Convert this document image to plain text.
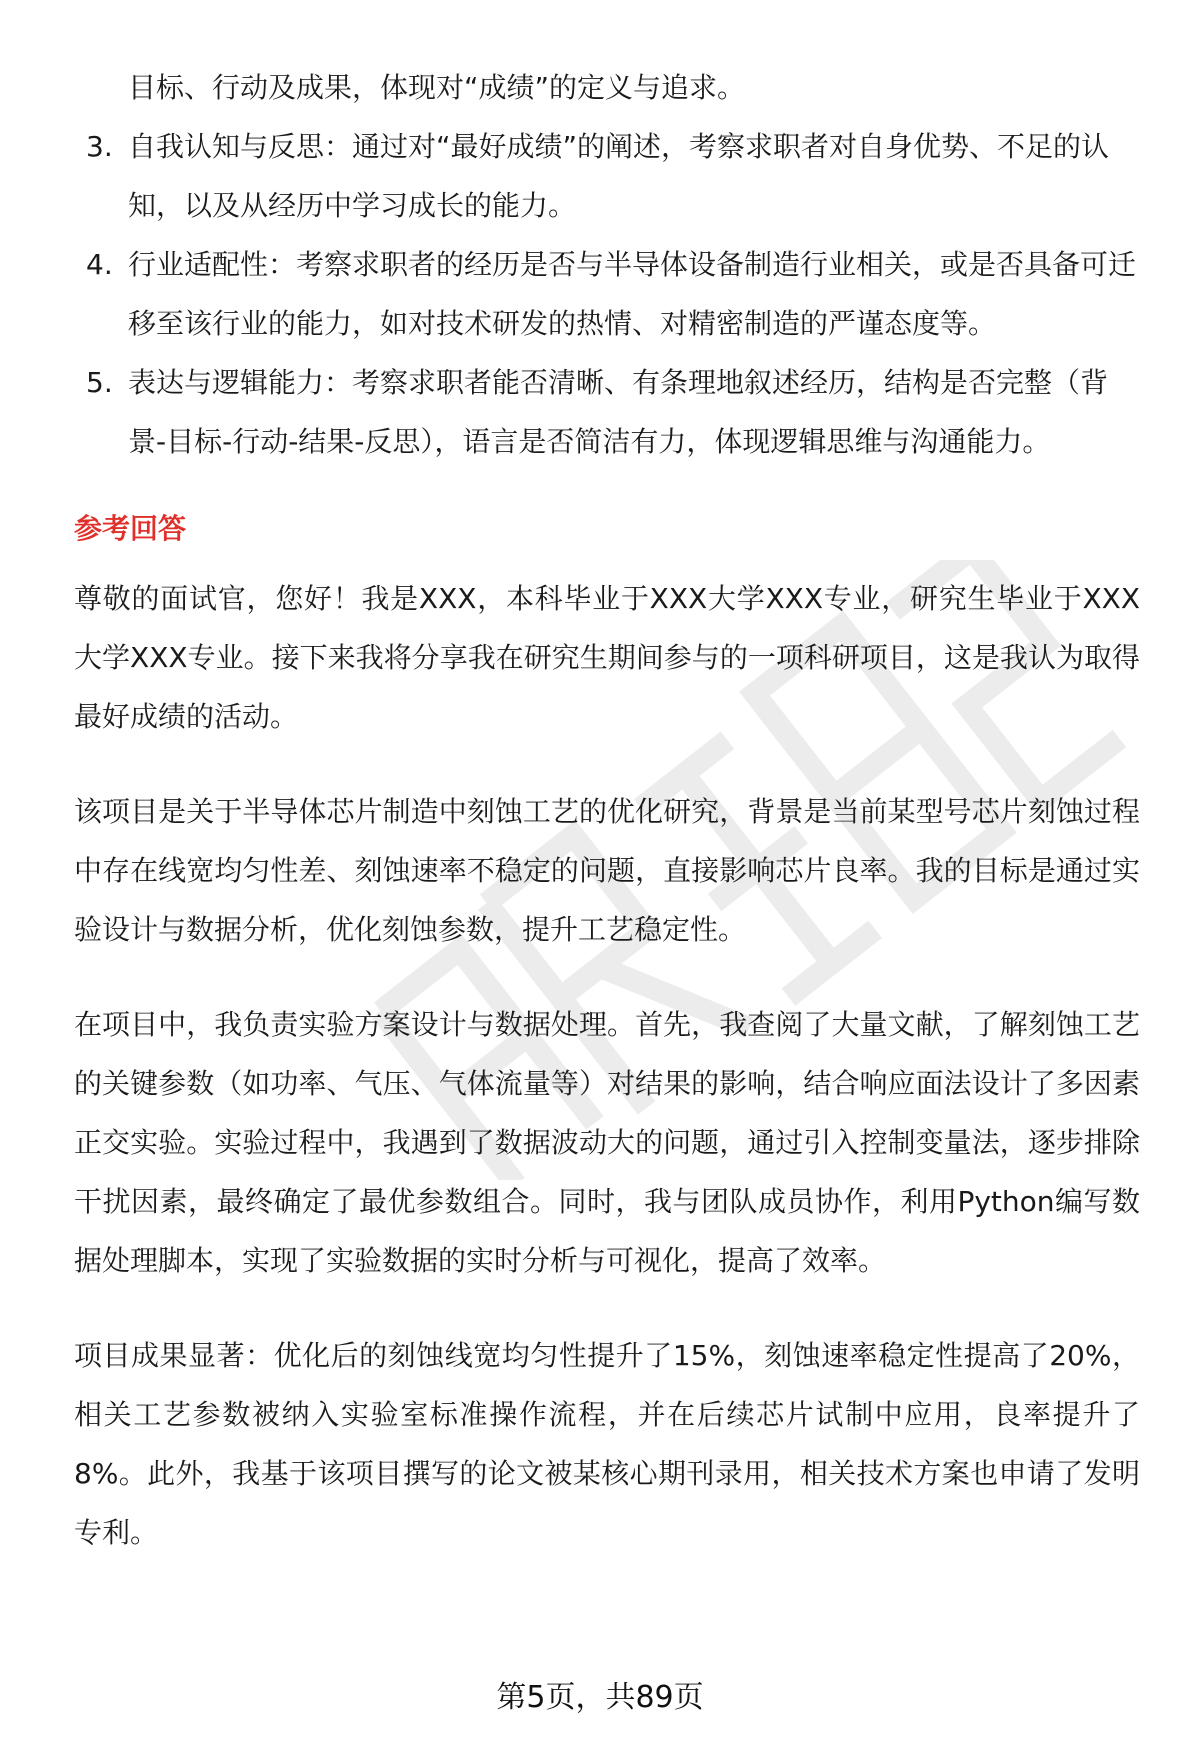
目标、行动及成果，体现对“成绩”的定义与追求。

3. 自我认知与反思：通过对“最好成绩”的阐述，考察求职者对自身优势、不足的认知，以及从经历中学习成长的能力。
4. 行业适配性：考察求职者的经历是否与半导体设备制造行业相关，或是否具备可迁移至该行业的能力，如对技术研发的热情、对精密制造的严谨态度等。
5. 表达与逻辑能力：考察求职者能否清晰、有条理地叙述经历，结构是否完整（背景-目标-行动-结果-反思），语言是否简洁有力，体现逻辑思维与沟通能力。
参考回答

尊敬的面试官，您好！我是XXX，本科毕业于XXX大学XXX专业，研究生毕业于XXX大学XXX专业。接下来我将分享我在研究生期间参与的一项科研项目，这是我认为取得最好成绩的活动。

该项目是关于半导体芯片制造中刻蚀工艺的优化研究，背景是当前某型号芯片刻蚀过程中存在线宽均匀性差、刻蚀速率不稳定的问题，直接影响芯片良率。我的目标是通过实验设计与数据分析，优化刻蚀参数，提升工艺稳定性。

在项目中，我负责实验方案设计与数据处理。首先，我查阅了大量文献，了解刻蚀工艺的关键参数（如功率、气压、气体流量等）对结果的影响，结合响应面法设计了多因素正交实验。实验过程中，我遇到了数据波动大的问题，通过引入控制变量法，逐步排除干扰因素，最终确定了最优参数组合。同时，我与团队成员协作，利用Python编写数据处理脚本，实现了实验数据的实时分析与可视化，提高了效率。

项目成果显著：优化后的刻蚀线宽均匀性提升了15%，刻蚀速率稳定性提高了20%，相关工艺参数被纳入实验室标准操作流程，并在后续芯片试制中应用，良率提升了8%。此外，我基于该项目撰写的论文被某核心期刊录用，相关技术方案也申请了发明专利。

第5页，共89页
